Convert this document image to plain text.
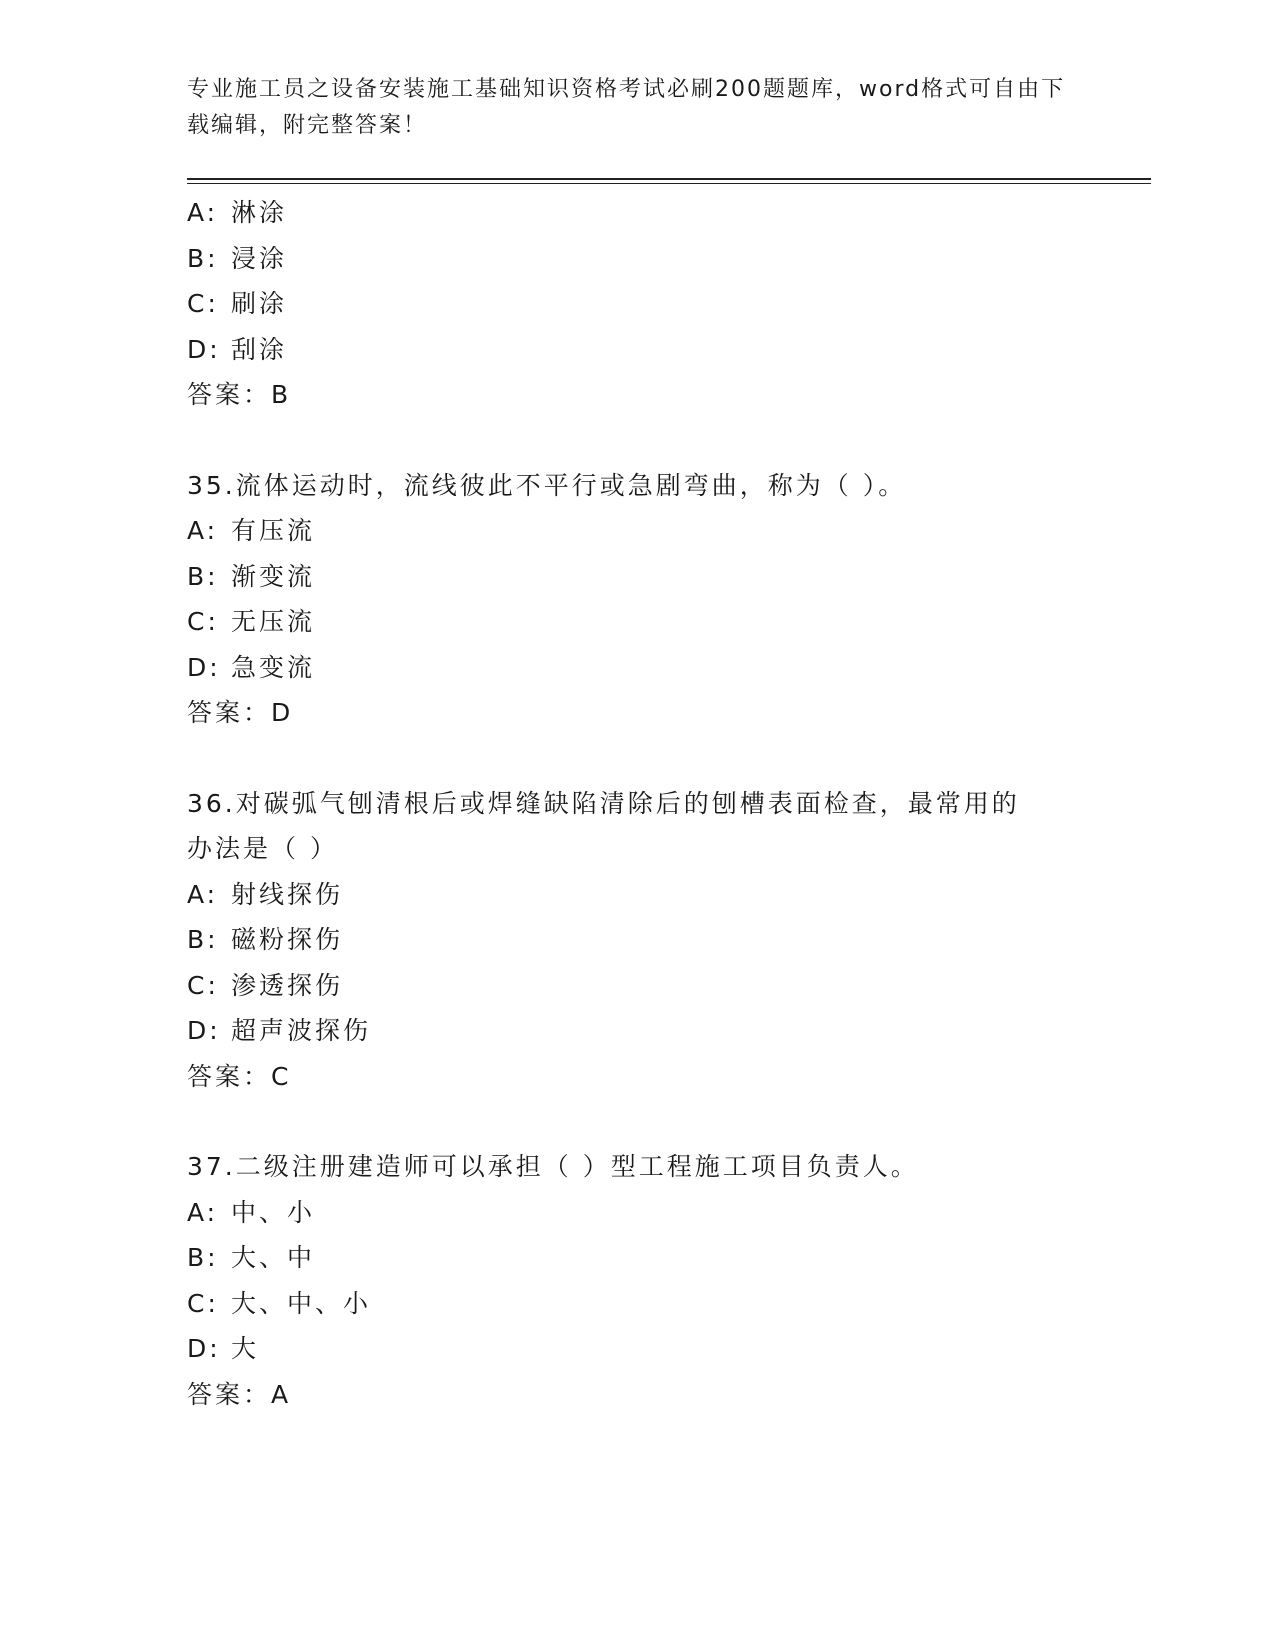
专业施工员之设备安装施工基础知识资格考试必刷200题题库，word格式可自由下载编辑，附完整答案！
A: 淋涂
B: 浸涂
C: 刷涂
D: 刮涂
答案：B
35.流体运动时，流线彼此不平行或急剧弯曲，称为（ ）。
A: 有压流
B: 渐变流
C: 无压流
D: 急变流
答案：D
36.对碳弧气刨清根后或焊缝缺陷清除后的刨槽表面检查，最常用的办法是（ ）
A: 射线探伤
B: 磁粉探伤
C: 渗透探伤
D: 超声波探伤
答案：C
37.二级注册建造师可以承担（ ）型工程施工项目负责人。
A: 中、小
B: 大、中
C: 大、中、小
D: 大
答案：A
